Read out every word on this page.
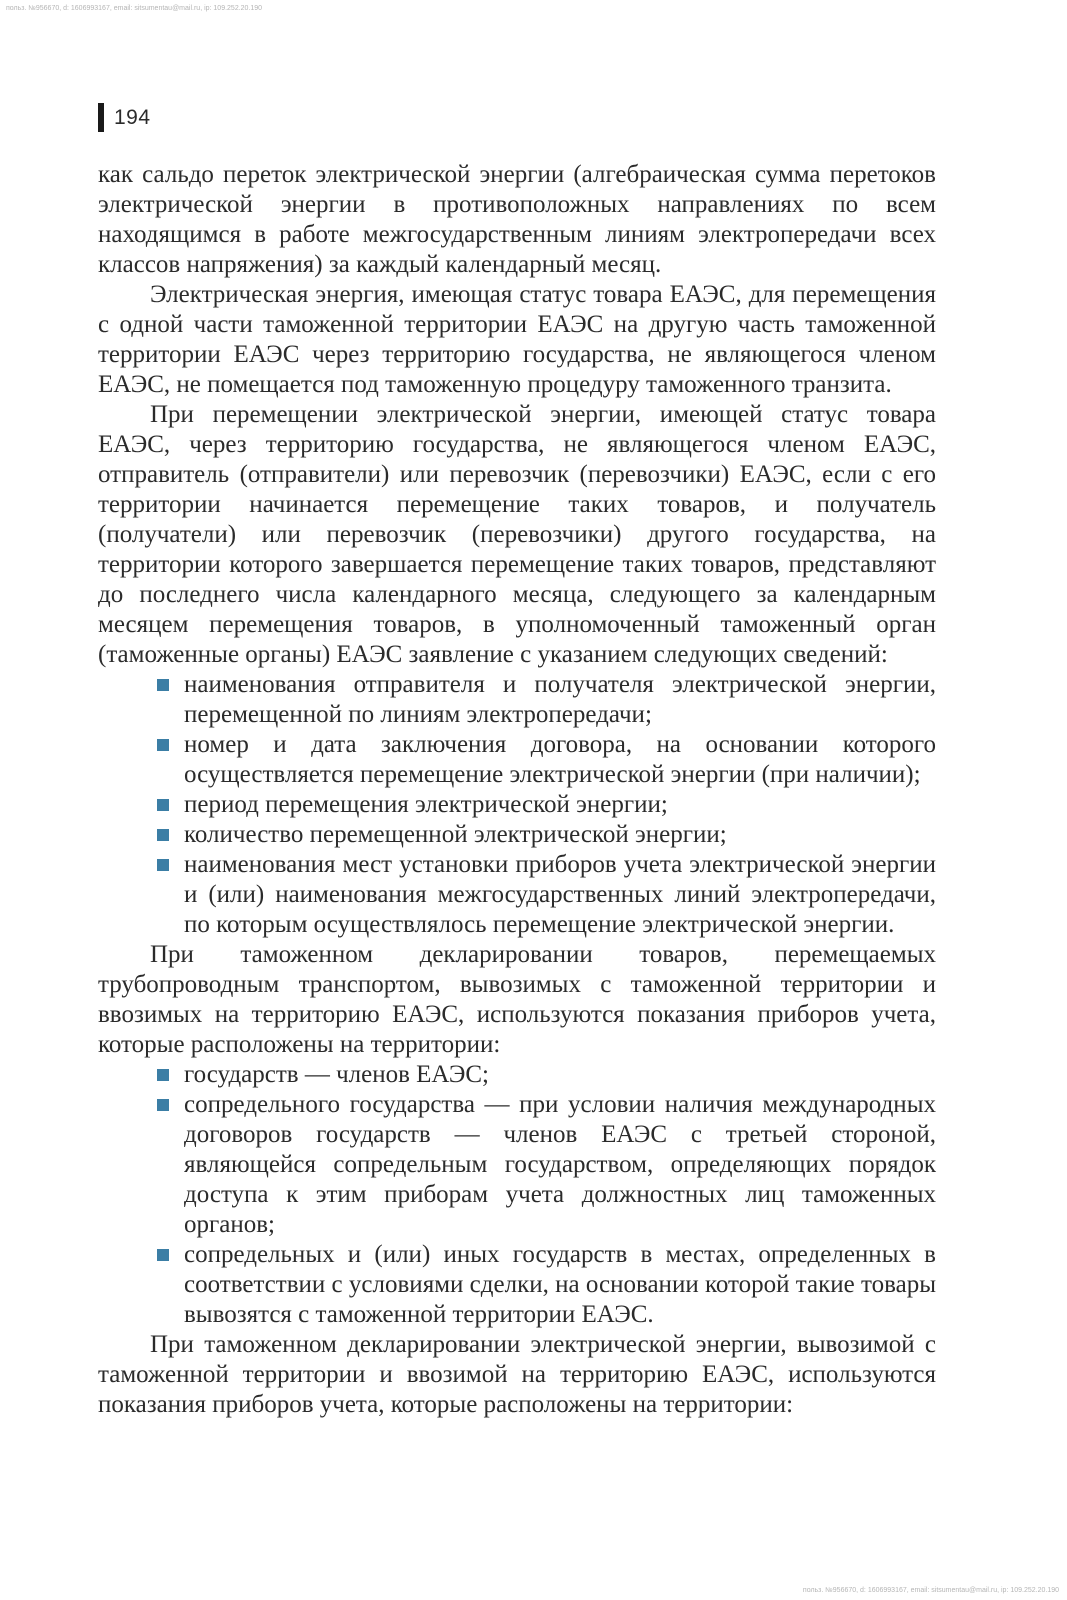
польз. №956670, d: 1606993167, email: sitsumentau@mail.ru, ip: 109.252.20.190
194

как сальдо переток электрической энергии (алгебраическая сумма перетоков электрической энергии в противоположных направлениях по всем находящимся в работе межгосударственным линиям электропередачи всех классов напряжения) за каждый календарный месяц.

Электрическая энергия, имеющая статус товара ЕАЭС, для перемещения с одной части таможенной территории ЕАЭС на другую часть таможенной территории ЕАЭС через территорию государства, не являющегося членом ЕАЭС, не помещается под таможенную процедуру таможенного транзита.

При перемещении электрической энергии, имеющей статус товара ЕАЭС, через территорию государства, не являющегося членом ЕАЭС, отправитель (отправители) или перевозчик (перевозчики) ЕАЭС, если с его территории начинается перемещение таких товаров, и получатель (получатели) или перевозчик (перевозчики) другого государства, на территории которого завершается перемещение таких товаров, представляют до последнего числа календарного месяца, следующего за календарным месяцем перемещения товаров, в уполномоченный таможенный орган (таможенные органы) ЕАЭС заявление с указанием следующих сведений:

наименования отправителя и получателя электрической энергии, перемещенной по линиям электропередачи;
номер и дата заключения договора, на основании которого осуществляется перемещение электрической энергии (при наличии);
период перемещения электрической энергии;
количество перемещенной электрической энергии;
наименования мест установки приборов учета электрической энергии и (или) наименования межгосударственных линий электропередачи, по которым осуществлялось перемещение электрической энергии.

При таможенном декларировании товаров, перемещаемых трубопроводным транспортом, вывозимых с таможенной территории и ввозимых на территорию ЕАЭС, используются показания приборов учета, которые расположены на территории:

государств — членов ЕАЭС;
сопредельного государства — при условии наличия международных договоров государств — членов ЕАЭС с третьей стороной, являющейся сопредельным государством, определяющих порядок доступа к этим приборам учета должностных лиц таможенных органов;
сопредельных и (или) иных государств в местах, определенных в соответствии с условиями сделки, на основании которой такие товары вывозятся с таможенной территории ЕАЭС.

При таможенном декларировании электрической энергии, вывозимой с таможенной территории и ввозимой на территорию ЕАЭС, используются показания приборов учета, которые расположены на территории:

польз. №956670, d: 1606993167, email: sitsumentau@mail.ru, ip: 109.252.20.190
